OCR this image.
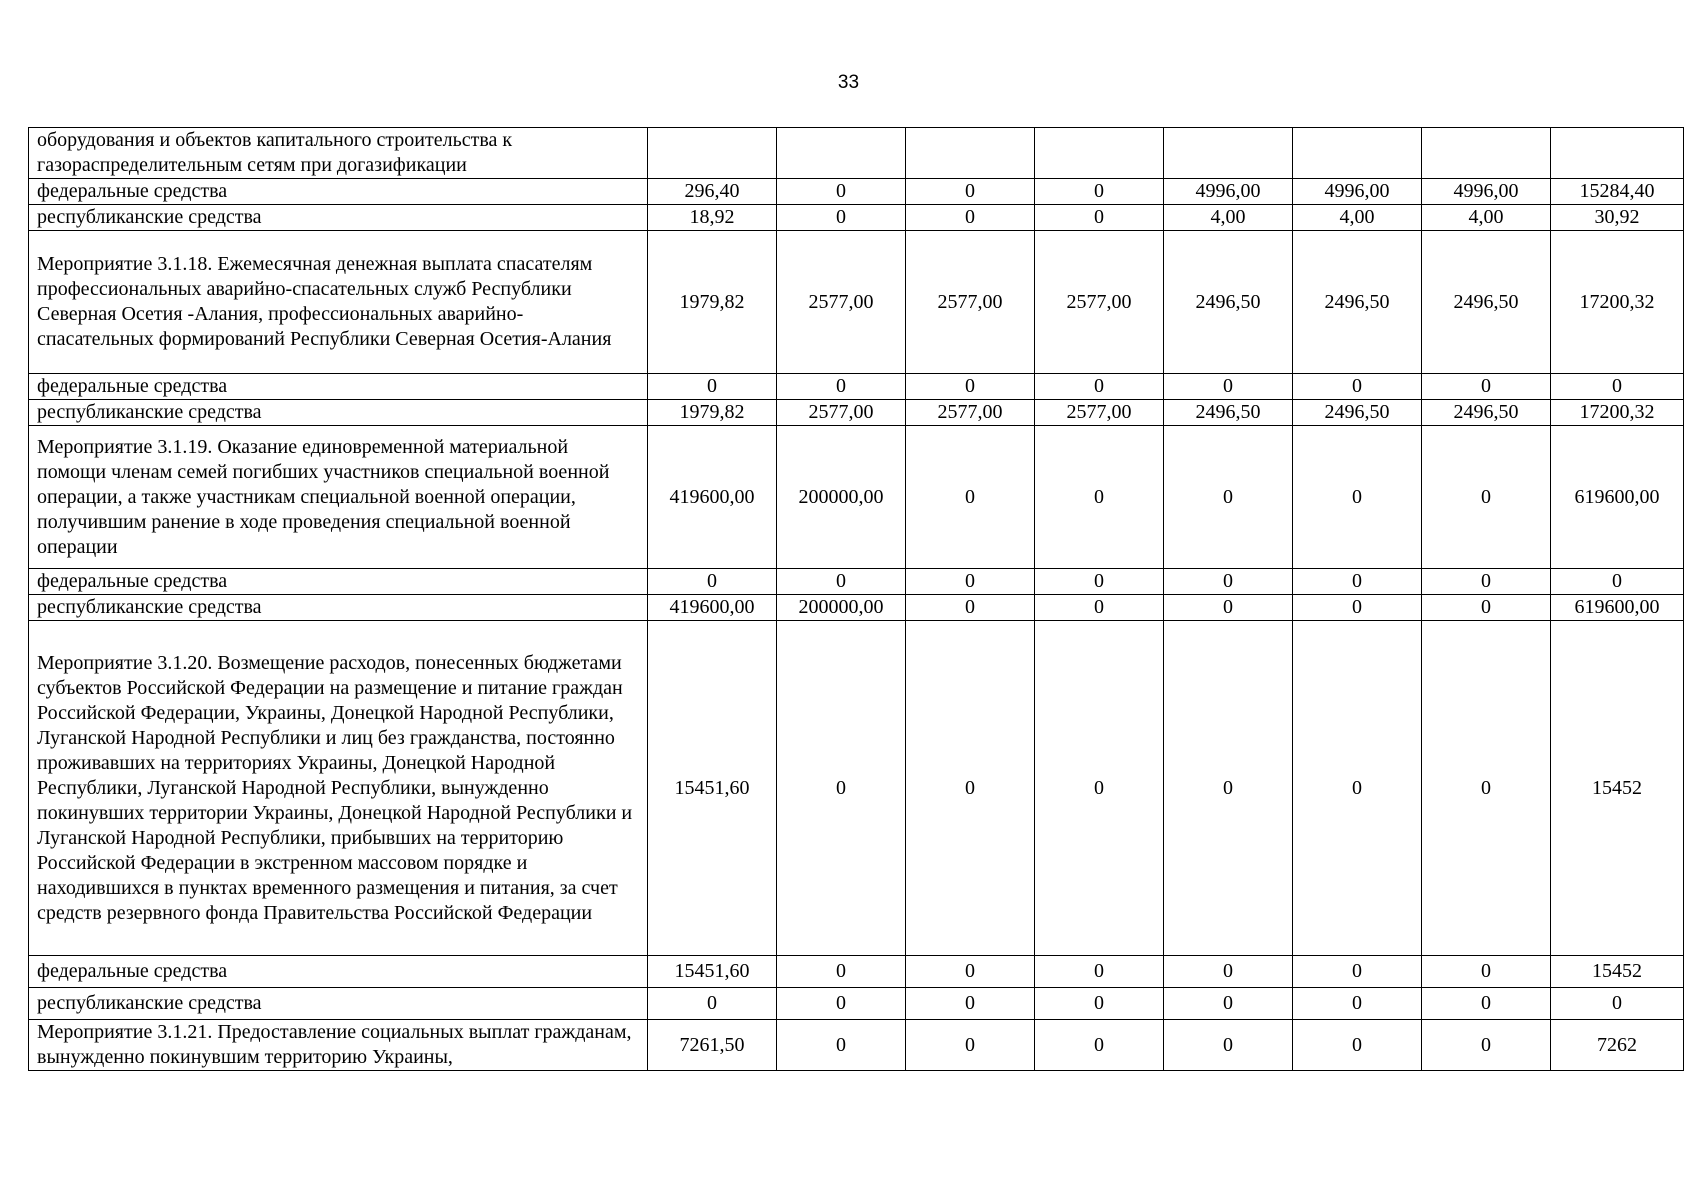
33
оборудования и объектов капитального строительства к газораспределительным сетям при догазификации								
федеральные средства	296,40	0	0	0	4996,00	4996,00	4996,00	15284,40
республиканские средства	18,92	0	0	0	4,00	4,00	4,00	30,92
Мероприятие 3.1.18. Ежемесячная денежная выплата спасателям профессиональных аварийно-спасательных служб Республики Северная Осетия -Алания, профессиональных аварийно-спасательных формирований Республики Северная Осетия-Алания	1979,82	2577,00	2577,00	2577,00	2496,50	2496,50	2496,50	17200,32
федеральные средства	0	0	0	0	0	0	0	0
республиканские средства	1979,82	2577,00	2577,00	2577,00	2496,50	2496,50	2496,50	17200,32
Мероприятие 3.1.19. Оказание единовременной материальной помощи членам семей погибших участников специальной военной операции, а также участникам специальной военной операции, получившим ранение в ходе проведения специальной военной операции	419600,00	200000,00	0	0	0	0	0	619600,00
федеральные средства	0	0	0	0	0	0	0	0
республиканские средства	419600,00	200000,00	0	0	0	0	0	619600,00
Мероприятие 3.1.20. Возмещение расходов, понесенных бюджетами субъектов Российской Федерации на размещение и питание граждан Российской Федерации, Украины, Донецкой Народной Республики, Луганской Народной Республики и лиц без гражданства, постоянно проживавших на территориях Украины, Донецкой Народной Республики, Луганской Народной Республики, вынужденно покинувших территории Украины, Донецкой Народной Республики и Луганской Народной Республики, прибывших на территорию Российской Федерации в экстренном массовом порядке и находившихся в пунктах временного размещения и питания, за счет средств резервного фонда Правительства Российской Федерации	15451,60	0	0	0	0	0	0	15452
федеральные средства	15451,60	0	0	0	0	0	0	15452
республиканские средства	0	0	0	0	0	0	0	0
Мероприятие 3.1.21. Предоставление социальных выплат гражданам, вынужденно покинувшим территорию Украины,	7261,50	0	0	0	0	0	0	7262
